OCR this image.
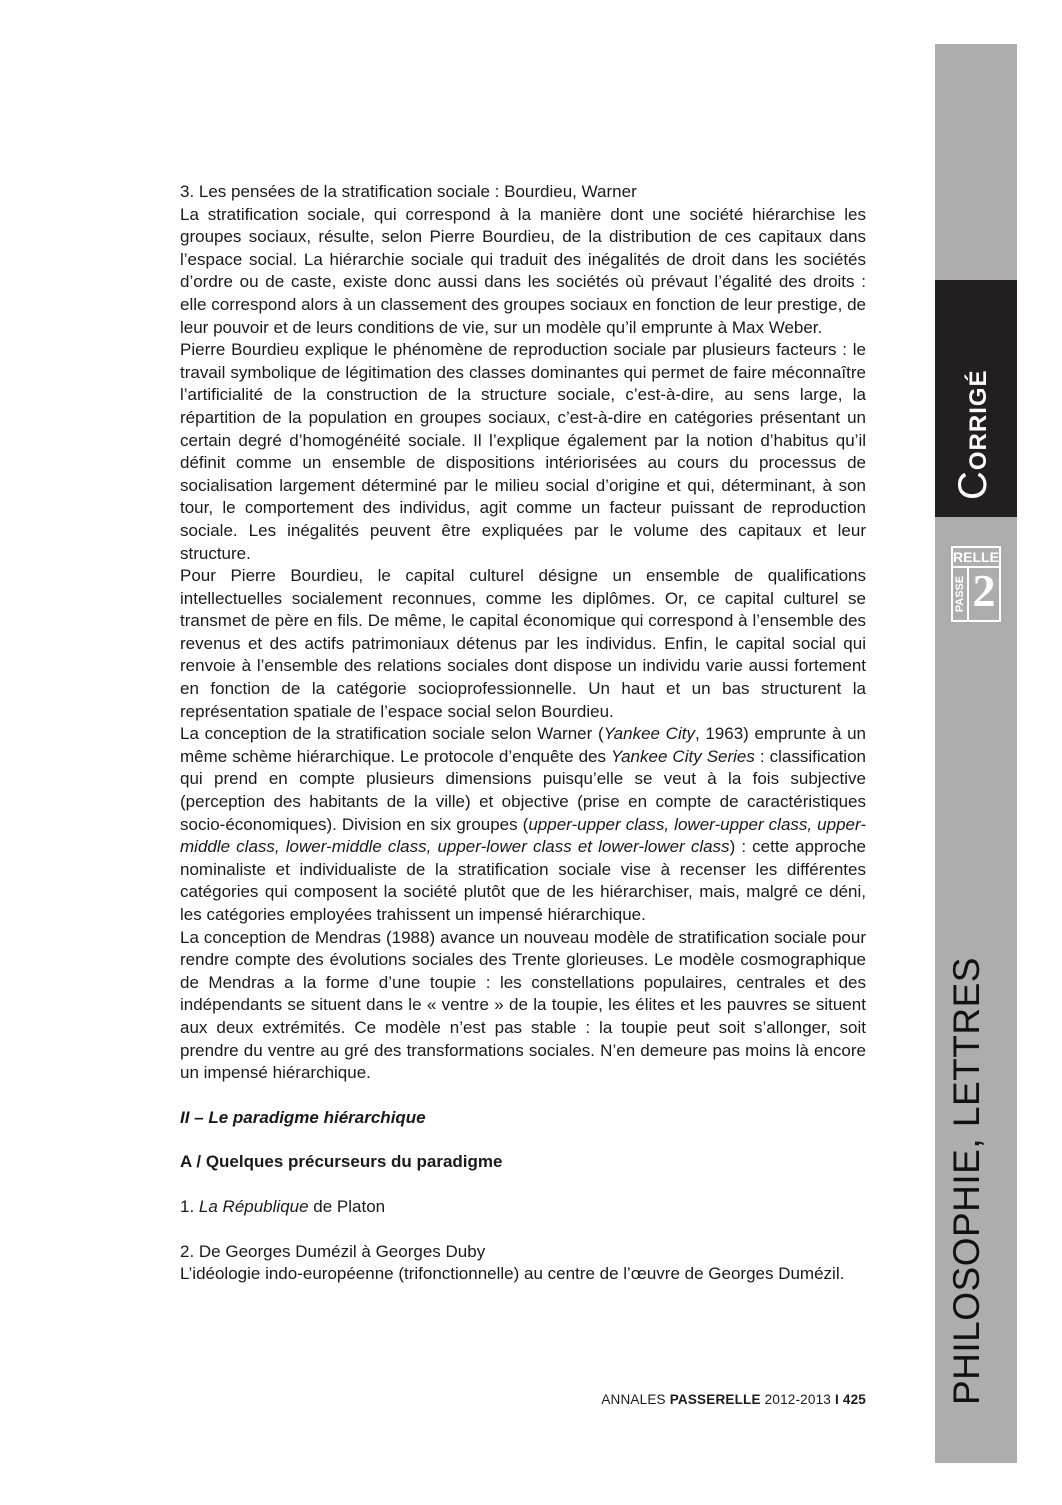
CORRIGÉ
RELLE
PASSE 2
PHILOSOPHIE, LETTRES

3. Les pensées de la stratification sociale : Bourdieu, Warner

La stratification sociale, qui correspond à la manière dont une société hiérarchise les groupes sociaux, résulte, selon Pierre Bourdieu, de la distribution de ces capitaux dans l’espace social. La hiérarchie sociale qui traduit des inégalités de droit dans les sociétés d’ordre ou de caste, existe donc aussi dans les sociétés où prévaut l’égalité des droits : elle correspond alors à un classement des groupes sociaux en fonction de leur prestige, de leur pouvoir et de leurs conditions de vie, sur un modèle qu’il emprunte à Max Weber.

Pierre Bourdieu explique le phénomène de reproduction sociale par plusieurs facteurs : le travail symbolique de légitimation des classes dominantes qui permet de faire méconnaître l’artificialité de la construction de la structure sociale, c’est-à-dire, au sens large, la répartition de la population en groupes sociaux, c’est-à-dire en catégories présentant un certain degré d’homogénéité sociale. Il l’explique également par la notion d’habitus qu’il définit comme un ensemble de dispositions intériorisées au cours du processus de socialisation largement déterminé par le milieu social d’origine et qui, déterminant, à son tour, le comportement des individus, agit comme un facteur puissant de reproduction sociale. Les inégalités peuvent être expliquées par le volume des capitaux et leur structure.

Pour Pierre Bourdieu, le capital culturel désigne un ensemble de qualifications intellectuelles socialement reconnues, comme les diplômes. Or, ce capital culturel se transmet de père en fils. De même, le capital économique qui correspond à l’ensemble des revenus et des actifs patrimoniaux détenus par les individus. Enfin, le capital social qui renvoie à l’ensemble des relations sociales dont dispose un individu varie aussi fortement en fonction de la catégorie socioprofessionnelle. Un haut et un bas structurent la représentation spatiale de l’espace social selon Bourdieu.

La conception de la stratification sociale selon Warner (Yankee City, 1963) emprunte à un même schème hiérarchique. Le protocole d’enquête des Yankee City Series : classification qui prend en compte plusieurs dimensions puisqu’elle se veut à la fois subjective (perception des habitants de la ville) et objective (prise en compte de caractéristiques socio-économiques). Division en six groupes (upper-upper class, lower-upper class, upper-middle class, lower-middle class, upper-lower class et lower-lower class) : cette approche nominaliste et individualiste de la stratification sociale vise à recenser les différentes catégories qui composent la société plutôt que de les hiérarchiser, mais, malgré ce déni, les catégories employées trahissent un impensé hiérarchique.

La conception de Mendras (1988) avance un nouveau modèle de stratification sociale pour rendre compte des évolutions sociales des Trente glorieuses. Le modèle cosmographique de Mendras a la forme d’une toupie : les constellations populaires, centrales et des indépendants se situent dans le « ventre » de la toupie, les élites et les pauvres se situent aux deux extrémités. Ce modèle n’est pas stable : la toupie peut soit s’allonger, soit prendre du ventre au gré des transformations sociales. N’en demeure pas moins là encore un impensé hiérarchique.

II – Le paradigme hiérarchique

A / Quelques précurseurs du paradigme

1. La République de Platon

2. De Georges Dumézil à Georges Duby

L’idéologie indo-européenne (trifonctionnelle) au centre de l’œuvre de Georges Dumézil.

ANNALES PASSERELLE 2012-2013 I 425
